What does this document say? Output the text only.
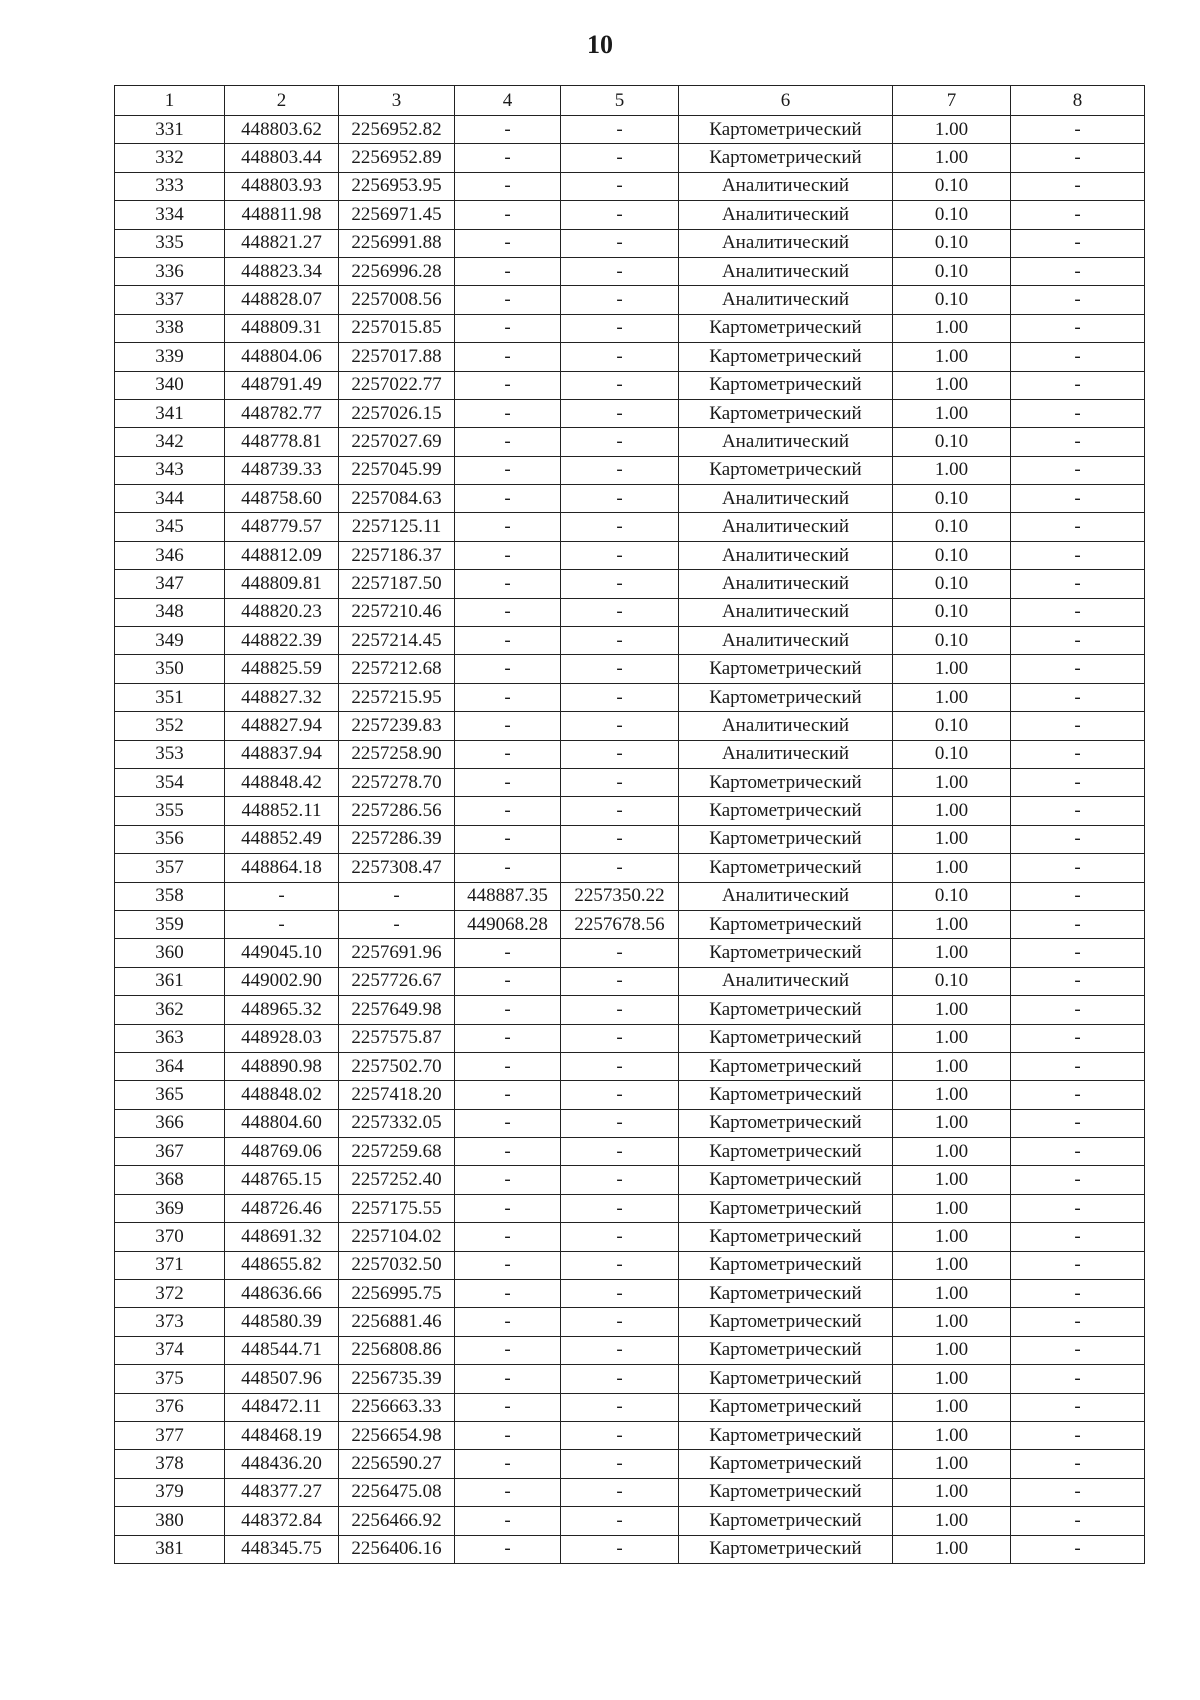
10
1	2	3	4	5	6	7	8
331	448803.62	2256952.82	-	-	Картометрический	1.00	-
332	448803.44	2256952.89	-	-	Картометрический	1.00	-
333	448803.93	2256953.95	-	-	Аналитический	0.10	-
334	448811.98	2256971.45	-	-	Аналитический	0.10	-
335	448821.27	2256991.88	-	-	Аналитический	0.10	-
336	448823.34	2256996.28	-	-	Аналитический	0.10	-
337	448828.07	2257008.56	-	-	Аналитический	0.10	-
338	448809.31	2257015.85	-	-	Картометрический	1.00	-
339	448804.06	2257017.88	-	-	Картометрический	1.00	-
340	448791.49	2257022.77	-	-	Картометрический	1.00	-
341	448782.77	2257026.15	-	-	Картометрический	1.00	-
342	448778.81	2257027.69	-	-	Аналитический	0.10	-
343	448739.33	2257045.99	-	-	Картометрический	1.00	-
344	448758.60	2257084.63	-	-	Аналитический	0.10	-
345	448779.57	2257125.11	-	-	Аналитический	0.10	-
346	448812.09	2257186.37	-	-	Аналитический	0.10	-
347	448809.81	2257187.50	-	-	Аналитический	0.10	-
348	448820.23	2257210.46	-	-	Аналитический	0.10	-
349	448822.39	2257214.45	-	-	Аналитический	0.10	-
350	448825.59	2257212.68	-	-	Картометрический	1.00	-
351	448827.32	2257215.95	-	-	Картометрический	1.00	-
352	448827.94	2257239.83	-	-	Аналитический	0.10	-
353	448837.94	2257258.90	-	-	Аналитический	0.10	-
354	448848.42	2257278.70	-	-	Картометрический	1.00	-
355	448852.11	2257286.56	-	-	Картометрический	1.00	-
356	448852.49	2257286.39	-	-	Картометрический	1.00	-
357	448864.18	2257308.47	-	-	Картометрический	1.00	-
358	-	-	448887.35	2257350.22	Аналитический	0.10	-
359	-	-	449068.28	2257678.56	Картометрический	1.00	-
360	449045.10	2257691.96	-	-	Картометрический	1.00	-
361	449002.90	2257726.67	-	-	Аналитический	0.10	-
362	448965.32	2257649.98	-	-	Картометрический	1.00	-
363	448928.03	2257575.87	-	-	Картометрический	1.00	-
364	448890.98	2257502.70	-	-	Картометрический	1.00	-
365	448848.02	2257418.20	-	-	Картометрический	1.00	-
366	448804.60	2257332.05	-	-	Картометрический	1.00	-
367	448769.06	2257259.68	-	-	Картометрический	1.00	-
368	448765.15	2257252.40	-	-	Картометрический	1.00	-
369	448726.46	2257175.55	-	-	Картометрический	1.00	-
370	448691.32	2257104.02	-	-	Картометрический	1.00	-
371	448655.82	2257032.50	-	-	Картометрический	1.00	-
372	448636.66	2256995.75	-	-	Картометрический	1.00	-
373	448580.39	2256881.46	-	-	Картометрический	1.00	-
374	448544.71	2256808.86	-	-	Картометрический	1.00	-
375	448507.96	2256735.39	-	-	Картометрический	1.00	-
376	448472.11	2256663.33	-	-	Картометрический	1.00	-
377	448468.19	2256654.98	-	-	Картометрический	1.00	-
378	448436.20	2256590.27	-	-	Картометрический	1.00	-
379	448377.27	2256475.08	-	-	Картометрический	1.00	-
380	448372.84	2256466.92	-	-	Картометрический	1.00	-
381	448345.75	2256406.16	-	-	Картометрический	1.00	-
